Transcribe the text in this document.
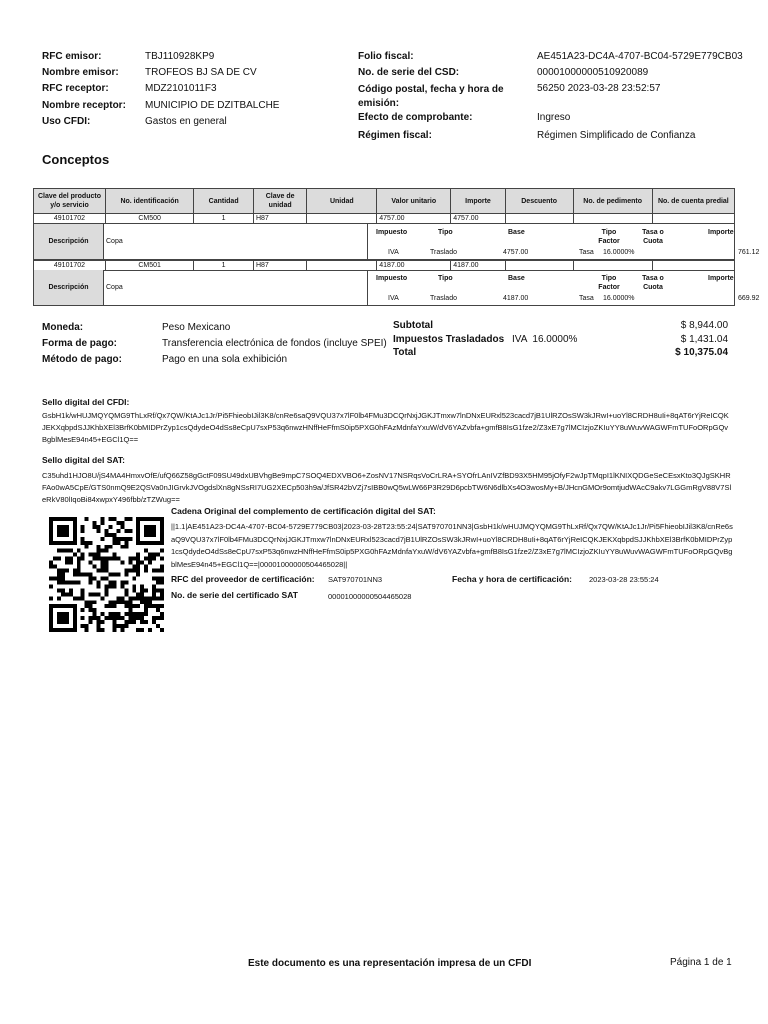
RFC emisor:	TBJ110928KP9
Nombre emisor:	TROFEOS BJ SA DE CV
RFC receptor:	MDZ2101011F3
Nombre receptor: MUNICIPIO DE DZITBALCHE
Uso CFDI:	Gastos en general
Folio fiscal:	AE451A23-DC4A-4707-BC04-5729E779CB03
No. de serie del CSD:	00001000000510920089
Código postal, fecha y hora de emisión:
56250 2023-03-28 23:52:57
Efecto de comprobante:	Ingreso
Régimen fiscal:	Régimen Simplificado de Confianza
Conceptos
Clave del producto y/o servicio	No. identificación	Cantidad	Clave de unidad	Unidad	Valor unitario	Importe	Descuento	No. de pedimento	No. de cuenta predial
49101702	CM500	1	H87		4757.00	4757.00			
Descripción	Copa
Impuesto	Tipo	Base	Tipo Factor
Tasa o Cuota
Importe
IVA	Traslado	4757.00	Tasa 16.0000%	761.12
49101702	CM501	1	H87		4187.00	4187.00			
Descripción	Copa
Impuesto	Tipo	Base	Tipo Factor
Tasa o Cuota
Importe
IVA	Traslado	4187.00	Tasa 16.0000%	669.92
Moneda:	Peso Mexicano
Forma de pago:	Transferencia electrónica de fondos (incluye SPEI)
Método de pago:	Pago en una sola exhibición
Subtotal	$ 8,944.00
Impuestos Trasladados IVA  16.0000%	$ 1,431.04
Total	$ 10,375.04
Sello digital del CFDI:
GsbH1k/wHUJMQYQMG9ThLxRf/Qx7QW/KtAJc1Jr/Pi5FhieobIJil3K8/cnRe6saQ9VQU37x7lF0lb4FMu3DCQrNxjJGKJTmxw7lnDNxEURxl523cacd7jB1UlRZOsSW3kJRwI+uoYl8CRDH8uIi+8qAT6rYjReICQKJEKXqbpdSJJKhbXEl3BrfK0bMIDPrZyp1csQdydeO4dSs8eCpU7sxP53q6nwzHNffHeFfmS0ip5PXG0hFAzMdnfaYxuW/dV6YAZvbfa+gmfB8IsG1fze2/Z3xE7g7lMCIzjoZKIuYY8uWuvWAGWFmTUFoORpGQvBgblMesE94n45+EGCl1Q==
Sello digital del SAT:
C35uhd1HJO8U/jS4MA4HmxvOfE/ufQ66Z58gGctF09SU49dxUBVhgBe9mpC7SOQ4EDXVBO6+ZosNV17NSRqsVoCrLRA+SYOfrLAnIVZfBD93X5HM95jOfyF2wJpTMqpI1lKNIXQDGeSeCEsxKto3QJgSKHRFAo0wA5CpE/GTS0nmQ9E2QSVa0nJIGrvkJVOgdslXn8gNSsRI7UG2XECp503h9a/JfSR42bVZj7sIBB0wQ5wLW66P3R29D6pcbTW6N6dlbXs4O3wosMy+B/JHcnGMOr9omtjudWAcC9akv7LGGmRgV88V7SleRkV80lIqoBi84xwpxY496fbb/zTZWug==
Cadena Original del complemento de certificación digital del SAT:
||1.1|AE451A23-DC4A-4707-BC04-5729E779CB03|2023-03-28T23:55:24|SAT970701NN3|GsbH1k/wHUJMQYQMG9ThLxRf/Qx7QW/KtAJc1Jr/Pi5FhieobIJil3K8/cnRe6saQ9VQU37x7lF0lb4FMu3DCQrNxjJGKJTmxw7lnDNxEURxl523cacd7jB1UlRZOsSW3kJRwI+uoYl8CRDH8uIi+8qAT6rYjReICQKJEKXqbpdSJJKhbXEl3BrfK0bMIDPrZyp1csQdydeO4dSs8eCpU7sxP53q6nwzHNffHeFfmS0ip5PXG0hFAzMdnfaYxuW/dV6YAZvbfa+gmfB8IsG1fze2/Z3xE7g7lMCIzjoZKIuYY8uWuvWAGWFmTUFoORpGQvBgblMesE94n45+EGCl1Q==|00001000000504465028||
RFC del proveedor de certificación: SAT970701NN3	Fecha y hora de certificación: 2023-03-28 23:55:24
No. de serie del certificado SAT	00001000000504465028
Este documento es una representación impresa de un CFDI	Página 1 de 1
